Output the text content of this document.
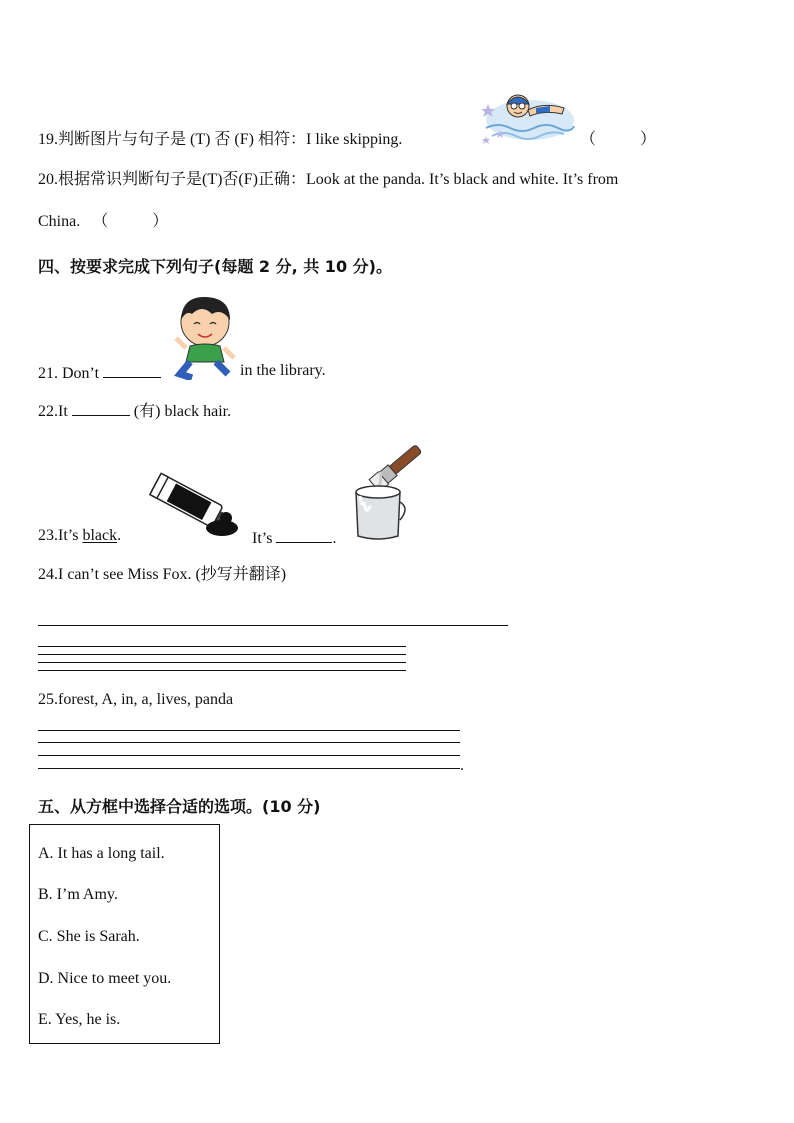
19.判断图片与句子是 (T) 否 (F) 相符：I like skipping.	（	）
20.根据常识判断句子是(T)否(F)正确：Look at the panda. It’s black and white. It’s from
China. （	）
四、按要求完成下列句子(每题 2 分, 共 10 分)。
21. Don’t	in the library.
22.It	(有) black hair.
23.It’s black.	It’s	.
24.I can’t see Miss Fox. (抄写并翻译)
25.forest, A, in, a, lives, panda
.
五、从方框中选择合适的选项。(10 分)
A. It has a long tail.
B. I’m Amy.
C. She is Sarah.
D. Nice to meet you.
E. Yes, he is.
